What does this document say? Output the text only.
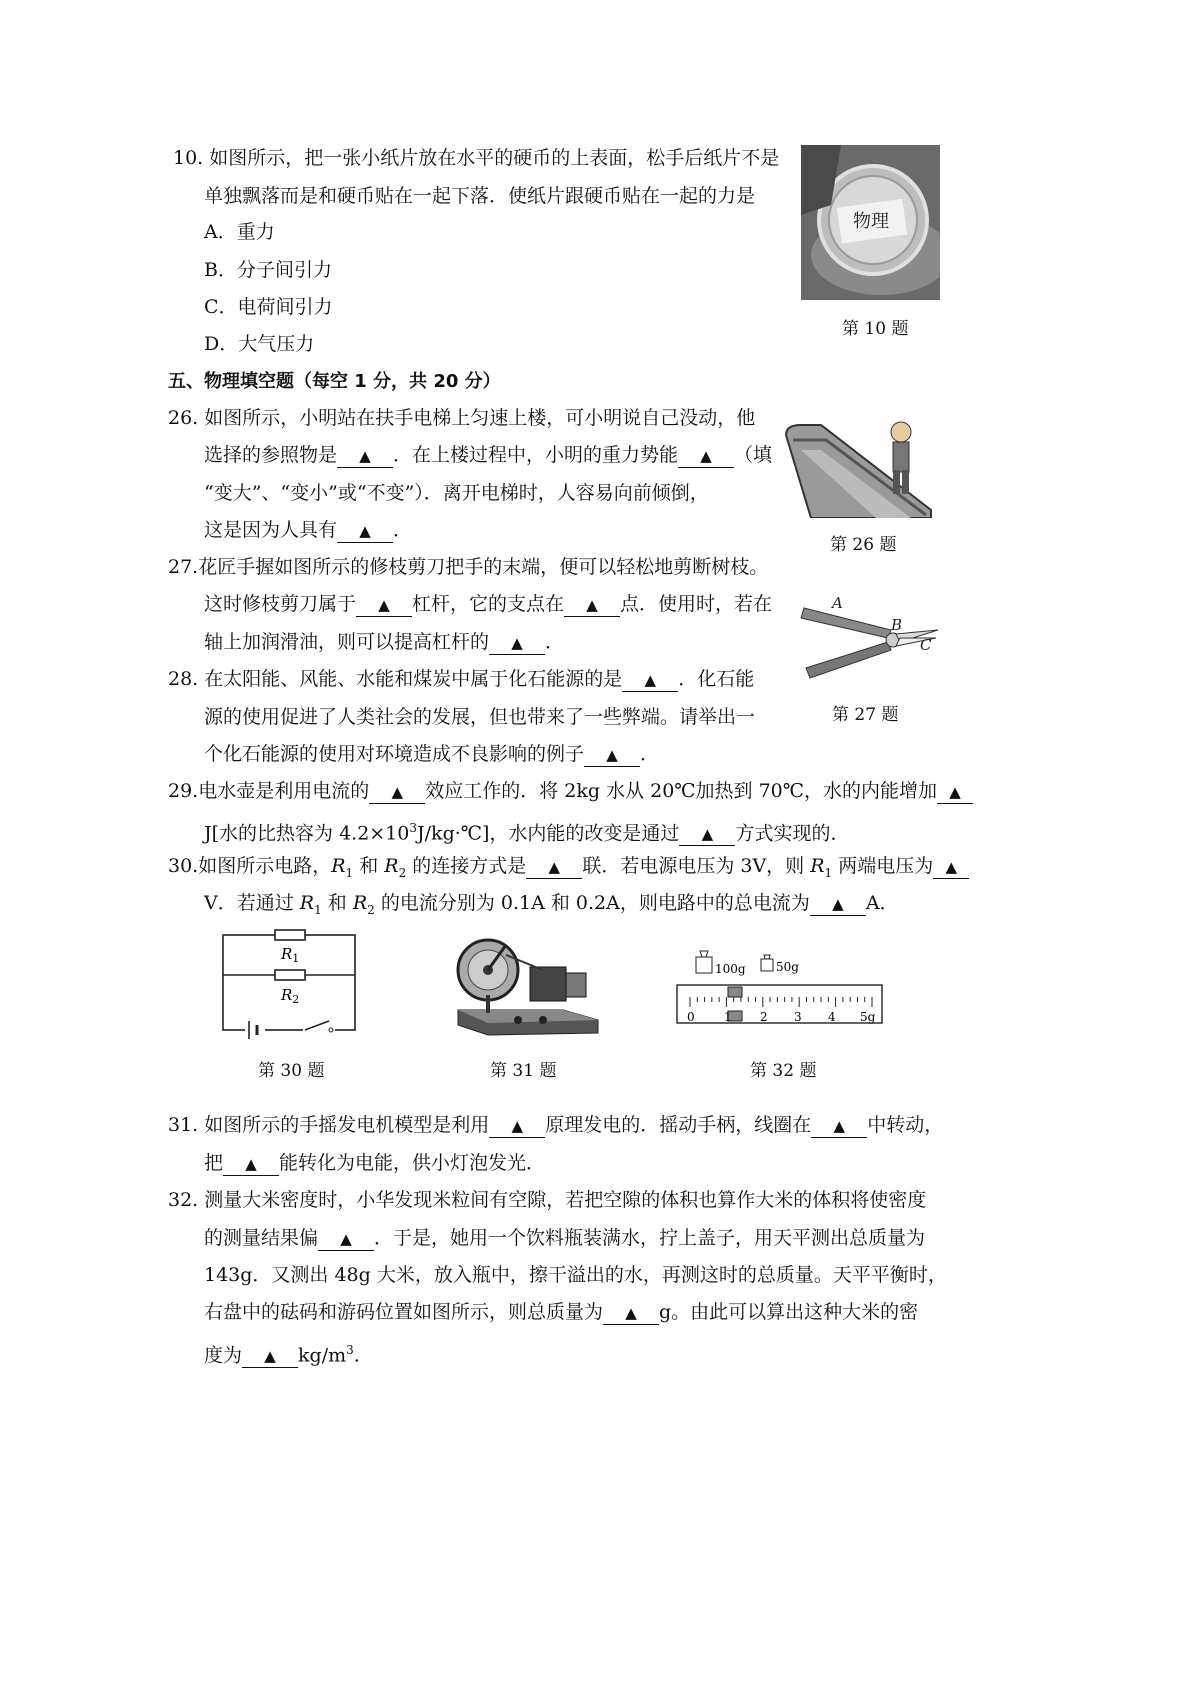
10. 如图所示，把一张小纸片放在水平的硬币的上表面，松手后纸片不是
单独飘落而是和硬币贴在一起下落．使纸片跟硬币贴在一起的力是
A．重力
B．分子间引力
C．电荷间引力
D．大气压力
物理
第 10 题
五、物理填空题（每空 1 分，共 20 分）
26. 如图所示，小明站在扶手电梯上匀速上楼，可小明说自己没动，他
选择的参照物是 ▲	．在上楼过程中，小明的重力势能 ▲	（填
“变大”、“变小”或“不变”）．离开电梯时，人容易向前倾倒，
这是因为人具有 ▲	．
第 26 题
27.花匠手握如图所示的修枝剪刀把手的末端，便可以轻松地剪断树枝。
这时修枝剪刀属于 ▲	杠杆，它的支点在 ▲	点．使用时，若在
轴上加润滑油，则可以提高杠杆的 ▲	．
A
B
C
第 27 题
28. 在太阳能、风能、水能和煤炭中属于化石能源的是 ▲	．化石能
源的使用促进了人类社会的发展，但也带来了一些弊端。请举出一
个化石能源的使用对环境造成不良影响的例子 ▲	．
29.电水壶是利用电流的 ▲	效应工作的．将 2kg 水从 20℃加热到 70℃，水的内能增加▲
J[水的比热容为 $4.2\times 10^3J/kg\cdot℃$]，水内能的改变是通过 ▲	方式实现的．
30.如图所示电路，$R_1$ 和 $R_2$ 的连接方式是 ▲	联．若电源电压为 3V，则 $R_1$ 两端电压为▲
V．若通过 $R_1$ 和 $R_2$ 的电流分别为 0.1A 和 0.2A，则电路中的总电流为 ▲	A．
$R_1$
$R_2$
第 30 题	第 31 题
100g	50g
0 1 2 3 4 5g
第 32 题
31. 如图所示的手摇发电机模型是利用 ▲	原理发电的．摇动手柄，线圈在 ▲	中转动，
把 ▲	能转化为电能，供小灯泡发光．
32. 测量大米密度时，小华发现米粒间有空隙，若把空隙的体积也算作大米的体积将使密度
的测量结果偏 ▲	．于是，她用一个饮料瓶装满水，拧上盖子，用天平测出总质量为
143g．又测出 48g 大米，放入瓶中，擦干溢出的水，再测这时的总质量。天平平衡时，
右盘中的砝码和游码位置如图所示，则总质量为 ▲	g。由此可以算出这种大米的密
度为 ▲	$kg/m^3$.
